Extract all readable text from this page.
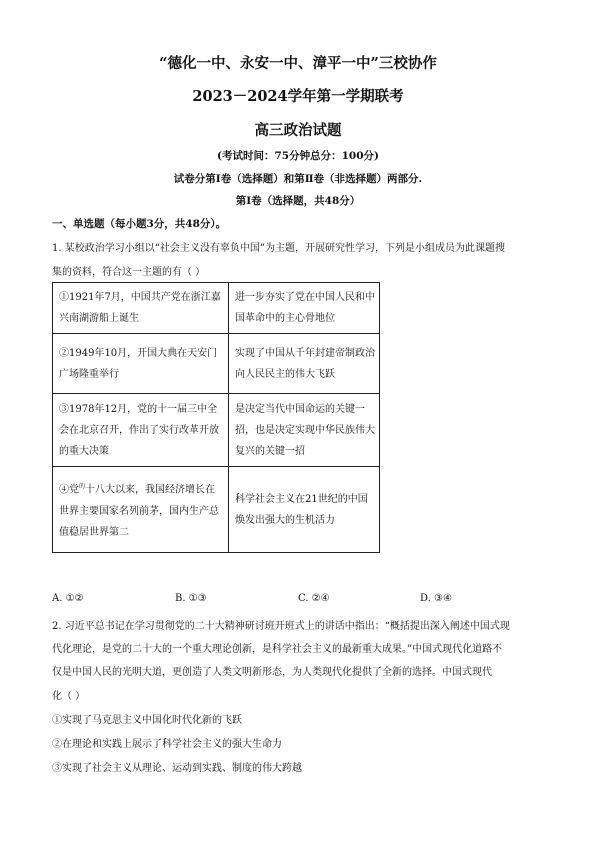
“德化一中、永安一中、漳平一中”三校协作
2023－2024学年第一学期联考
高三政治试题
(考试时间：75分钟总分：100分)
试卷分第Ⅰ卷（选择题）和第Ⅱ卷（非选择题）两部分.
第Ⅰ卷（选择题，共48分）
一、单选题（每小题3分，共48分）。
1. 某校政治学习小组以“社会主义没有辜负中国”为主题，开展研究性学习，下列是小组成员为此课题搜
集的资料，符合这一主题的有（ ）
①1921年7月，中国共产党在浙江嘉兴南湖游船上诞生	进一步夯实了党在中国人民和中国革命中的主心骨地位
②1949年10月，开国大典在天安门广场隆重举行	实现了中国从千年封建帝制政治向人民民主的伟大飞跃
③1978年12月，党的十一届三中全会在北京召开，作出了实行改革开放的重大决策	是决定当代中国命运的关键一招，也是决定实现中华民族伟大复兴的关键一招
④党$^的$十八大以来，我国经济增长在世界主要国家名列前茅，国内生产总值稳居世界第二	科学社会主义在21世纪的中国焕发出强大的生机活力
A. ①②	B. ①③	C. ②④	D. ③④
2. 习近平总书记在学习贯彻党的二十大精神研讨班开班式上的讲话中指出：“概括提出深入阐述中国式现
代化理论，是党的二十大的一个重大理论创新，是科学社会主义的最新重大成果。”中国式现代化道路不
仅是中国人民的光明大道，更创造了人类文明新形态，为人类现代化提供了全新的选择。中国式现代
化（ ）
①实现了马克思主义中国化时代化新的飞跃
②在理论和实践上展示了科学社会主义的强大生命力
③实现了社会主义从理论、运动到实践、制度的伟大跨越
